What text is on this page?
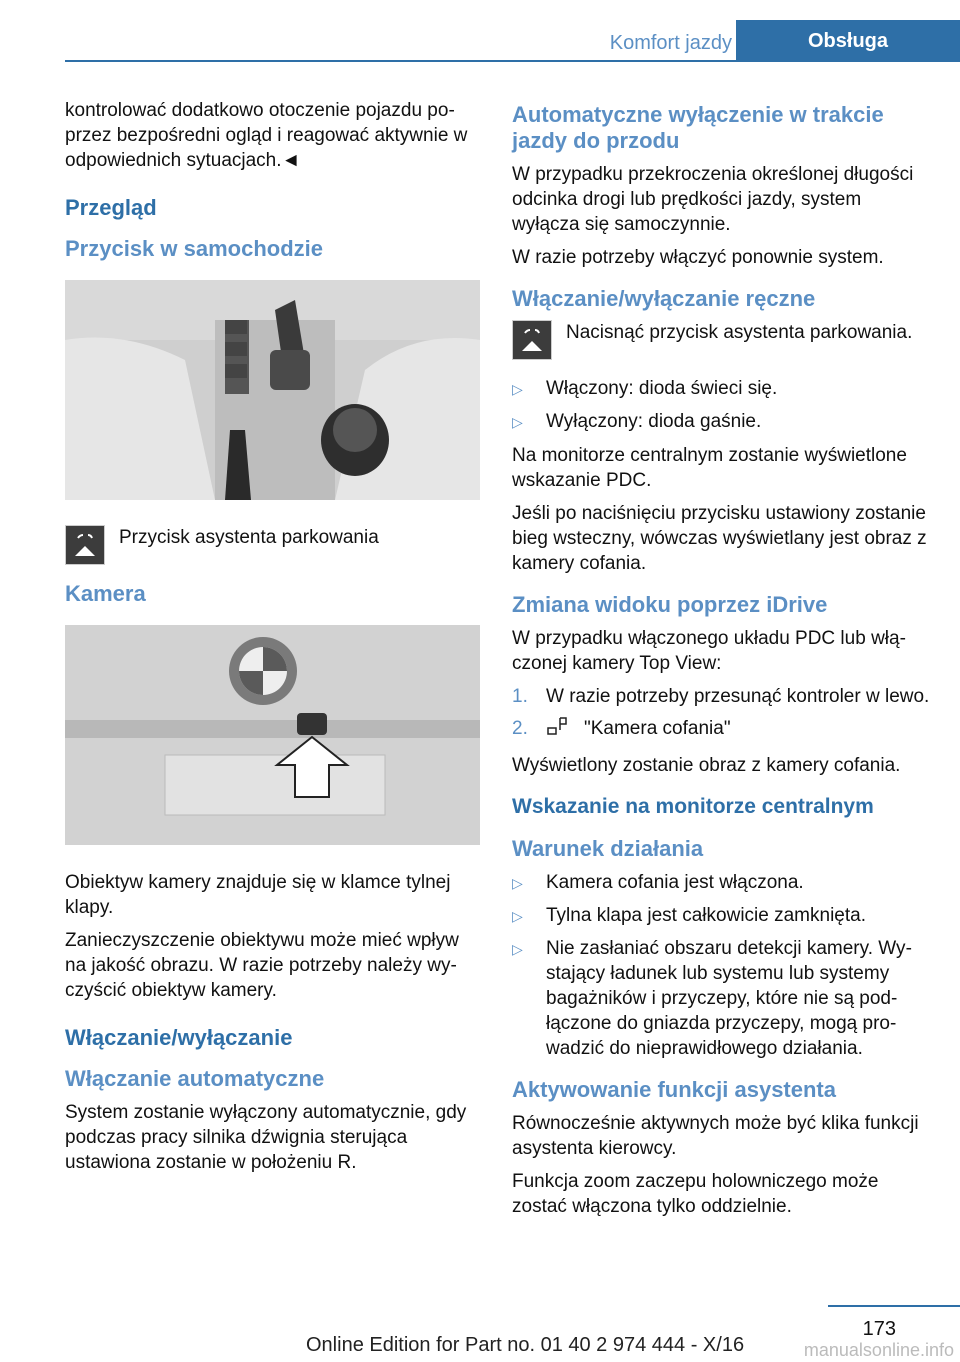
Komfort jazdy	Obsługa

kontrolować dodatkowo otoczenie pojazdu poprzez bezpośredni ogląd i reagować aktywnie w odpowiednich sytuacjach.◄

Przegląd
Przycisk w samochodzie
Przycisk asystenta parkowania
Kamera

Obiektyw kamery znajduje się w klamce tylnej klapy.

Zanieczyszczenie obiektywu może mieć wpływ na jakość obrazu. W razie potrzeby należy wyczyścić obiektyw kamery.

Włączanie/wyłączanie
Włączanie automatyczne

System zostanie wyłączony automatycznie, gdy podczas pracy silnika dźwignia sterująca ustawiona zostanie w położeniu R.

Automatyczne wyłączenie w trakcie jazdy do przodu

W przypadku przekroczenia określonej długości odcinka drogi lub prędkości jazdy, system wyłącza się samoczynnie.

W razie potrzeby włączyć ponownie system.

Włączanie/wyłączanie ręczne
Nacisnąć przycisk asystenta parkowania.
▷	Włączony: dioda świeci się.
▷	Wyłączony: dioda gaśnie.

Na monitorze centralnym zostanie wyświetlone wskazanie PDC.

Jeśli po naciśnięciu przycisku ustawiony zostanie bieg wsteczny, wówczas wyświetlany jest obraz z kamery cofania.

Zmiana widoku poprzez iDrive

W przypadku włączonego układu PDC lub włączonej kamery Top View:

1. W razie potrzeby przesunąć kontroler w lewo.
2.	"Kamera cofania"

Wyświetlony zostanie obraz z kamery cofania.

Wskazanie na monitorze centralnym
Warunek działania
▷	Kamera cofania jest włączona.
▷	Tylna klapa jest całkowicie zamknięta.
▷	Nie zasłaniać obszaru detekcji kamery. Wystający ładunek lub systemu lub systemy bagażników i przyczepy, które nie są podłączone do gniazda przyczepy, mogą prowadzić do nieprawidłowego działania.
Aktywowanie funkcji asystenta

Równocześnie aktywnych może być klika funkcji asystenta kierowcy.

Funkcja zoom zaczepu holowniczego może zostać włączona tylko oddzielnie.

173
Online Edition for Part no. 01 40 2 974 444 - X/16	manualsonline.info
